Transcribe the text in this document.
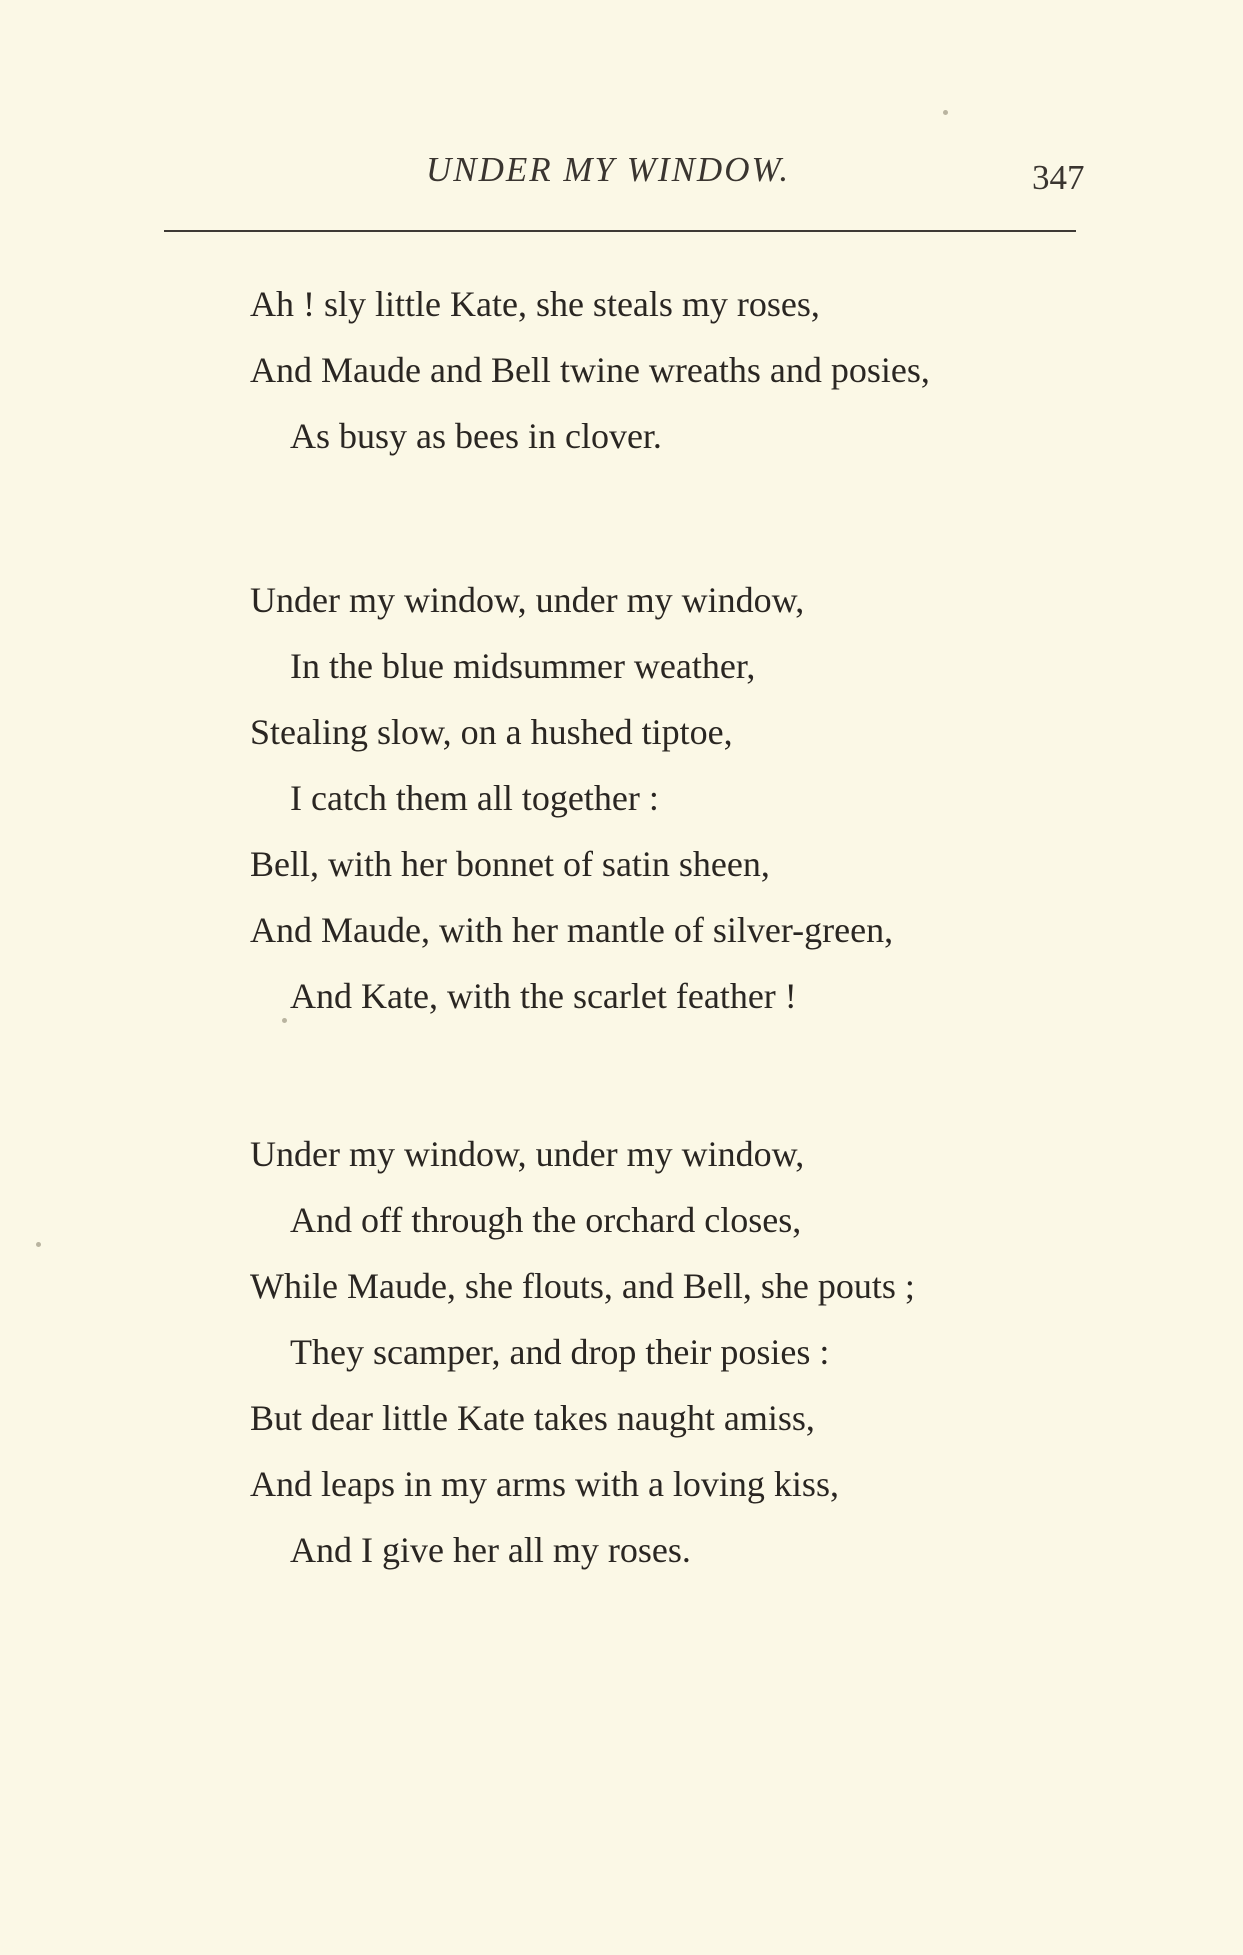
UNDER MY WINDOW.	347
Ah ! sly little Kate, she steals my roses,
And Maude and Bell twine wreaths and posies,
As busy as bees in clover.
Under my window, under my window,
In the blue midsummer weather,
Stealing slow, on a hushed tiptoe,
I catch them all together :
Bell, with her bonnet of satin sheen,
And Maude, with her mantle of silver-green,
And Kate, with the scarlet feather !
Under my window, under my window,
And off through the orchard closes,
While Maude, she flouts, and Bell, she pouts ;
They scamper, and drop their posies :
But dear little Kate takes naught amiss,
And leaps in my arms with a loving kiss,
And I give her all my roses.
